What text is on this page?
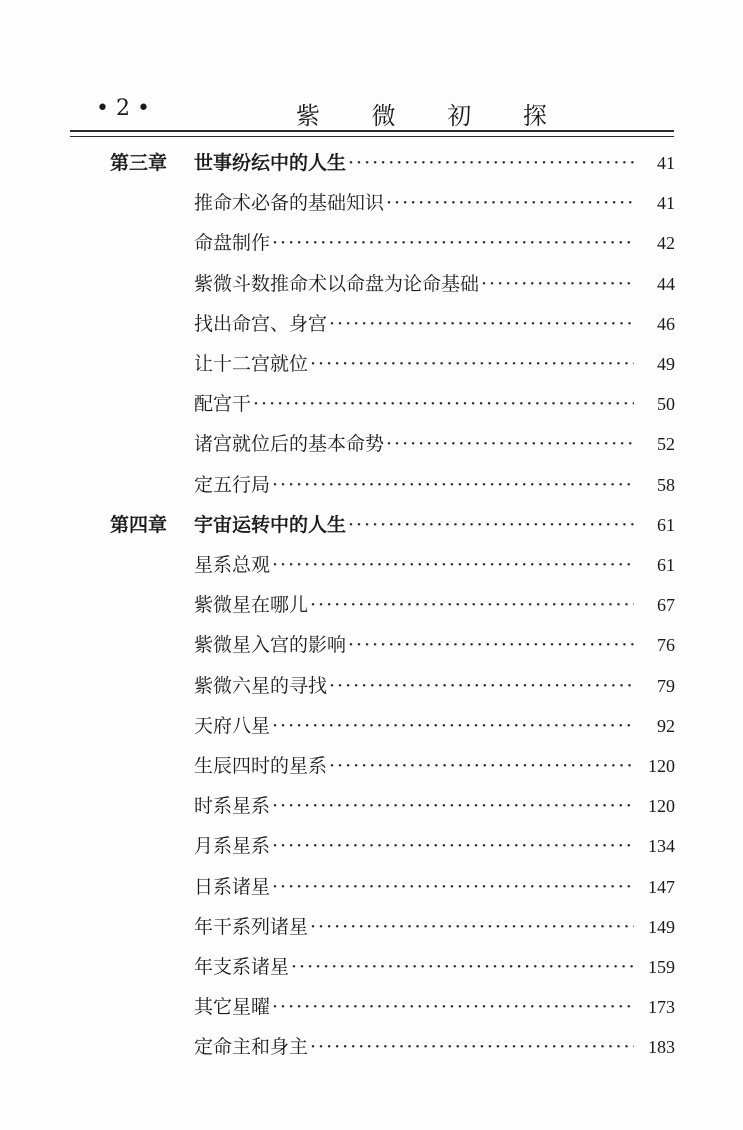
• 2 •	紫 微 初 探
第三章 世事纷纭中的人生 ·····	41
推命术必备的基础知识 ·····	41
命盘制作 ·····	42
紫微斗数推命术以命盘为论命基础 ·····	44
找出命宫、身宫 ·····	46
让十二宫就位 ·····	49
配宫干 ·····	50
诸宫就位后的基本命势 ·····	52
定五行局 ·····	58
第四章 宇宙运转中的人生 ·····	61
星系总观 ·····	61
紫微星在哪儿 ·····	67
紫微星入宫的影响 ·····	76
紫微六星的寻找 ·····	79
天府八星 ·····	92
生辰四时的星系 ·····	120
时系星系 ·····	120
月系星系 ·····	134
日系诸星 ·····	147
年干系列诸星 ·····	149
年支系诸星 ·····	159
其它星曜 ·····	173
定命主和身主 ·····	183
